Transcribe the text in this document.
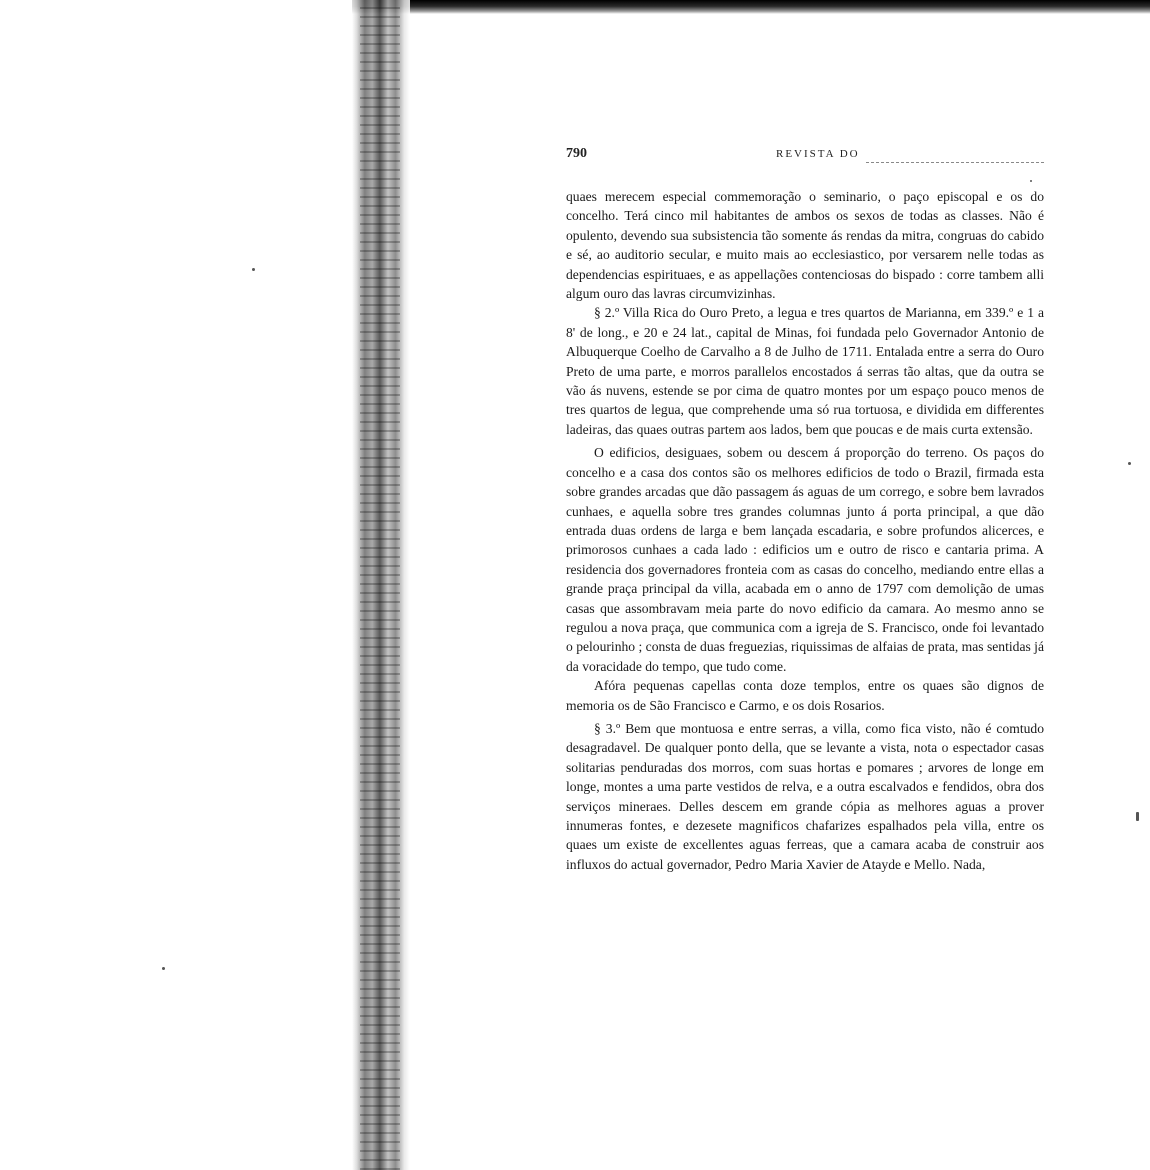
790	REVISTA DO

quaes merecem especial commemoração o seminario, o paço episcopal e os do concelho. Terá cinco mil habitantes de ambos os sexos de todas as classes. Não é opulento, devendo sua subsistencia tão somente ás rendas da mitra, congruas do cabido e sé, ao auditorio secular, e muito mais ao ecclesiastico, por versarem nelle todas as dependencias espirituaes, e as appellações contenciosas do bispado : corre tambem alli algum ouro das lavras circumvizinhas.

§ 2.º Villa Rica do Ouro Preto, a legua e tres quartos de Marianna, em 339.º e 1 a 8' de long., e 20 e 24 lat., capital de Minas, foi fundada pelo Governador Antonio de Albuquerque Coelho de Carvalho a 8 de Julho de 1711. Entalada entre a serra do Ouro Preto de uma parte, e morros parallelos encostados á serras tão altas, que da outra se vão ás nuvens, estende se por cima de quatro montes por um espaço pouco menos de tres quartos de legua, que comprehende uma só rua tortuosa, e dividida em differentes ladeiras, das quaes outras partem aos lados, bem que poucas e de mais curta extensão.

O edificios, desiguaes, sobem ou descem á proporção do terreno. Os paços do concelho e a casa dos contos são os melhores edificios de todo o Brazil, firmada esta sobre grandes arcadas que dão passagem ás aguas de um corrego, e sobre bem lavrados cunhaes, e aquella sobre tres grandes columnas junto á porta principal, a que dão entrada duas ordens de larga e bem lançada escadaria, e sobre profundos alicerces, e primorosos cunhaes a cada lado : edificios um e outro de risco e cantaria prima. A residencia dos governadores fronteia com as casas do concelho, mediando entre ellas a grande praça principal da villa, acabada em o anno de 1797 com demolição de umas casas que assombravam meia parte do novo edificio da camara. Ao mesmo anno se regulou a nova praça, que communica com a igreja de S. Francisco, onde foi levantado o pelourinho ; consta de duas freguezias, riquissimas de alfaias de prata, mas sentidas já da voracidade do tempo, que tudo come.

Afóra pequenas capellas conta doze templos, entre os quaes são dignos de memoria os de São Francisco e Carmo, e os dois Rosarios.

§ 3.º Bem que montuosa e entre serras, a villa, como fica visto, não é comtudo desagradavel. De qualquer ponto della, que se levante a vista, nota o espectador casas solitarias penduradas dos morros, com suas hortas e pomares ; arvores de longe em longe, montes a uma parte vestidos de relva, e a outra escalvados e fendidos, obra dos serviços mineraes. Delles descem em grande cópia as melhores aguas a prover innumeras fontes, e dezesete magnificos chafarizes espalhados pela villa, entre os quaes um existe de excellentes aguas ferreas, que a camara acaba de construir aos influxos do actual governador, Pedro Maria Xavier de Atayde e Mello. Nada,
